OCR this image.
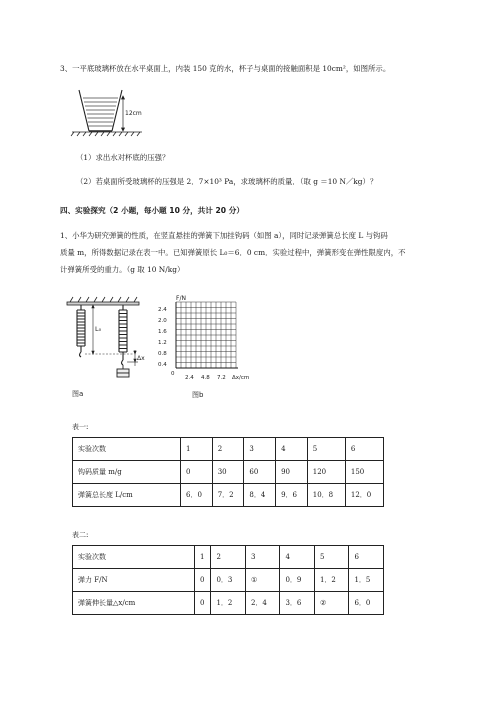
3、一平底玻璃杯放在水平桌面上，内装 150 克的水，杯子与桌面的接触面积是 10cm²，如图所示。
12cm
（1）求出水对杯底的压强？
（2）若桌面所受玻璃杯的压强是 2．7×10³ Pa，求玻璃杯的质量．（取 g ＝10 N／kg）？
四、实验探究（2 小题，每小题 10 分，共计 20 分）
1、小华为研究弹簧的性质，在竖直悬挂的弹簧下加挂钩码（如图 a），同时记录弹簧总长度 L 与钩码
质量 m，所得数据记录在表一中。已知弹簧原长 L₀＝6．0 cm．实验过程中，弹簧形变在弹性限度内，不
计弹簧所受的重力。（g 取 10 N/kg）
L₀
Δx
图a
F/N
2.4
2.0
1.6
1.2
0.8
0.4
0
2.4 4.8 7.2 Δx/cm
图b
表一:
实验次数	1	2	3	4	5	6
钩码质量 m/g	0	30	60	90	120	150
弹簧总长度 L/cm	6．0	7．2	8．4	9．6	10．8	12．0
表二:
实验次数	1	2	3	4	5	6
弹力 F/N	0	0．3	①	0．9	1．2	1．5
弹簧伸长量△x/cm	0	1．2	2．4	3．6	②	6．0
